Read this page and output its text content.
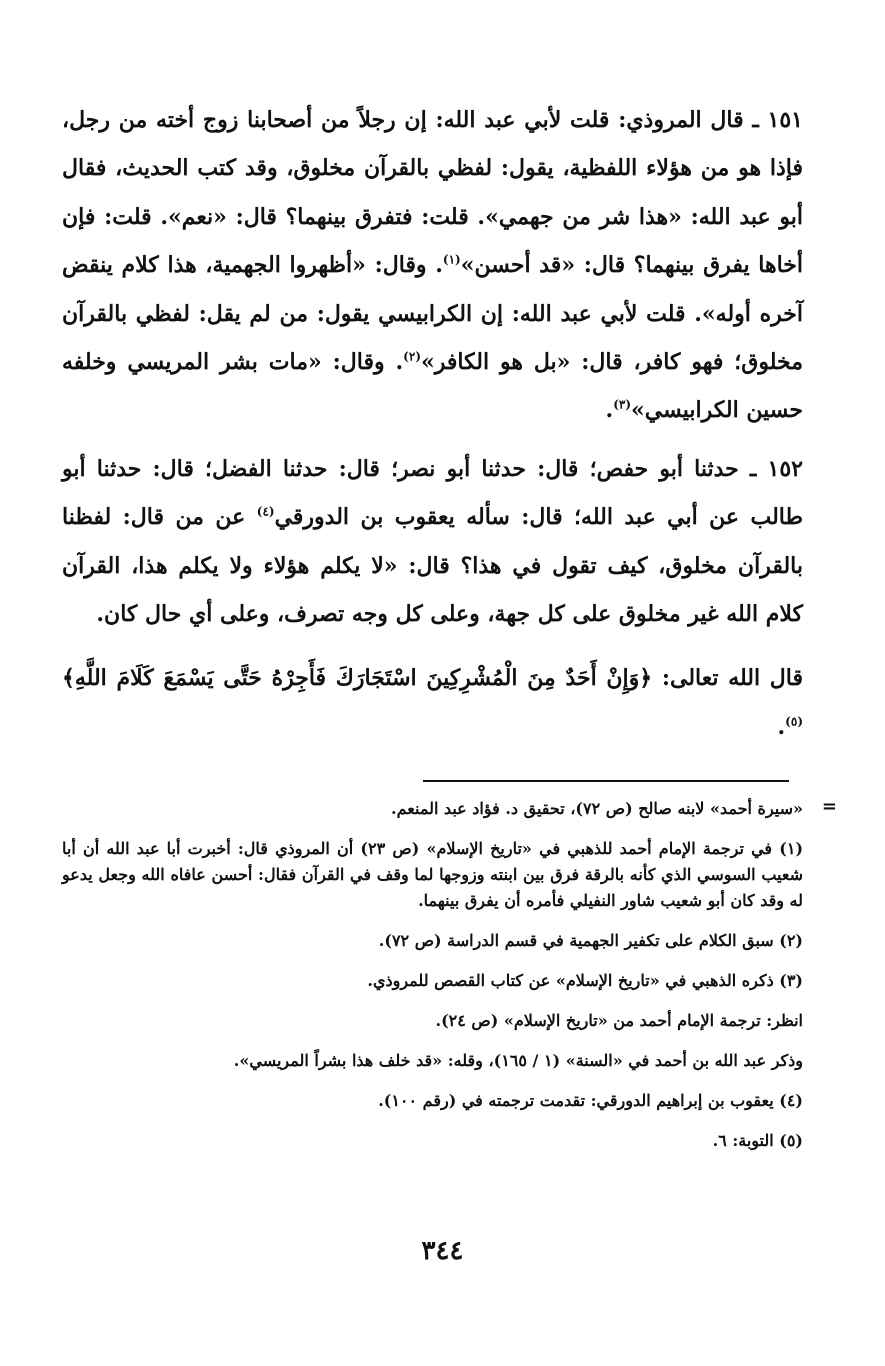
١٥١ ـ قال المروذي: قلت لأبي عبد الله: إن رجلاً من أصحابنا زوج أخته من رجل، فإذا هو من هؤلاء اللفظية، يقول: لفظي بالقرآن مخلوق، وقد كتب الحديث، فقال أبو عبد الله: «هذا شر من جهمي». قلت: فتفرق بينهما؟ قال: «نعم». قلت: فإن أخاها يفرق بينهما؟ قال: «قد أحسن»$^{(١)}$. وقال: «أظهروا الجهمية، هذا كلام ينقض آخره أوله». قلت لأبي عبد الله: إن الكرابيسي يقول: من لم يقل: لفظي بالقرآن مخلوق؛ فهو كافر، قال: «بل هو الكافر»$^{(٢)}$. وقال: «مات بشر المريسي وخلفه حسين الكرابيسي»$^{(٣)}$.

١٥٢ ـ حدثنا أبو حفص؛ قال: حدثنا أبو نصر؛ قال: حدثنا الفضل؛ قال: حدثنا أبو طالب عن أبي عبد الله؛ قال: سأله يعقوب بن الدورقي$^{(٤)}$ عن من قال: لفظنا بالقرآن مخلوق، كيف تقول في هذا؟ قال: «لا يكلم هؤلاء ولا يكلم هذا، القرآن كلام الله غير مخلوق على كل جهة، وعلى كل وجه تصرف، وعلى أي حال كان.

قال الله تعالى: ﴿وَإِنْ أَحَدٌ مِنَ الْمُشْرِكِينَ اسْتَجَارَكَ فَأَجِرْهُ حَتَّى يَسْمَعَ كَلَامَ اللَّهِ﴾$^{(٥)}$.

=

«سيرة أحمد» لابنه صالح (ص ٧٢)، تحقيق د. فؤاد عبد المنعم.

(١) في ترجمة الإمام أحمد للذهبي في «تاريخ الإسلام» (ص ٢٣) أن المروذي قال: أخبرت أبا عبد الله أن أبا شعيب السوسي الذي كأنه بالرقة فرق بين ابنته وزوجها لما وقف في القرآن فقال: أحسن عافاه الله وجعل يدعو له وقد كان أبو شعيب شاور النفيلي فأمره أن يفرق بينهما.

(٢) سبق الكلام على تكفير الجهمية في قسم الدراسة (ص ٧٢).

(٣) ذكره الذهبي في «تاريخ الإسلام» عن كتاب القصص للمروذي.

انظر: ترجمة الإمام أحمد من «تاريخ الإسلام» (ص ٢٤).

وذكر عبد الله بن أحمد في «السنة» (١ / ١٦٥)، وقله: «قد خلف هذا بشراً المريسي».

(٤) يعقوب بن إبراهيم الدورقي: تقدمت ترجمته في (رقم ١٠٠).

(٥) التوبة: ٦.

٣٤٤
